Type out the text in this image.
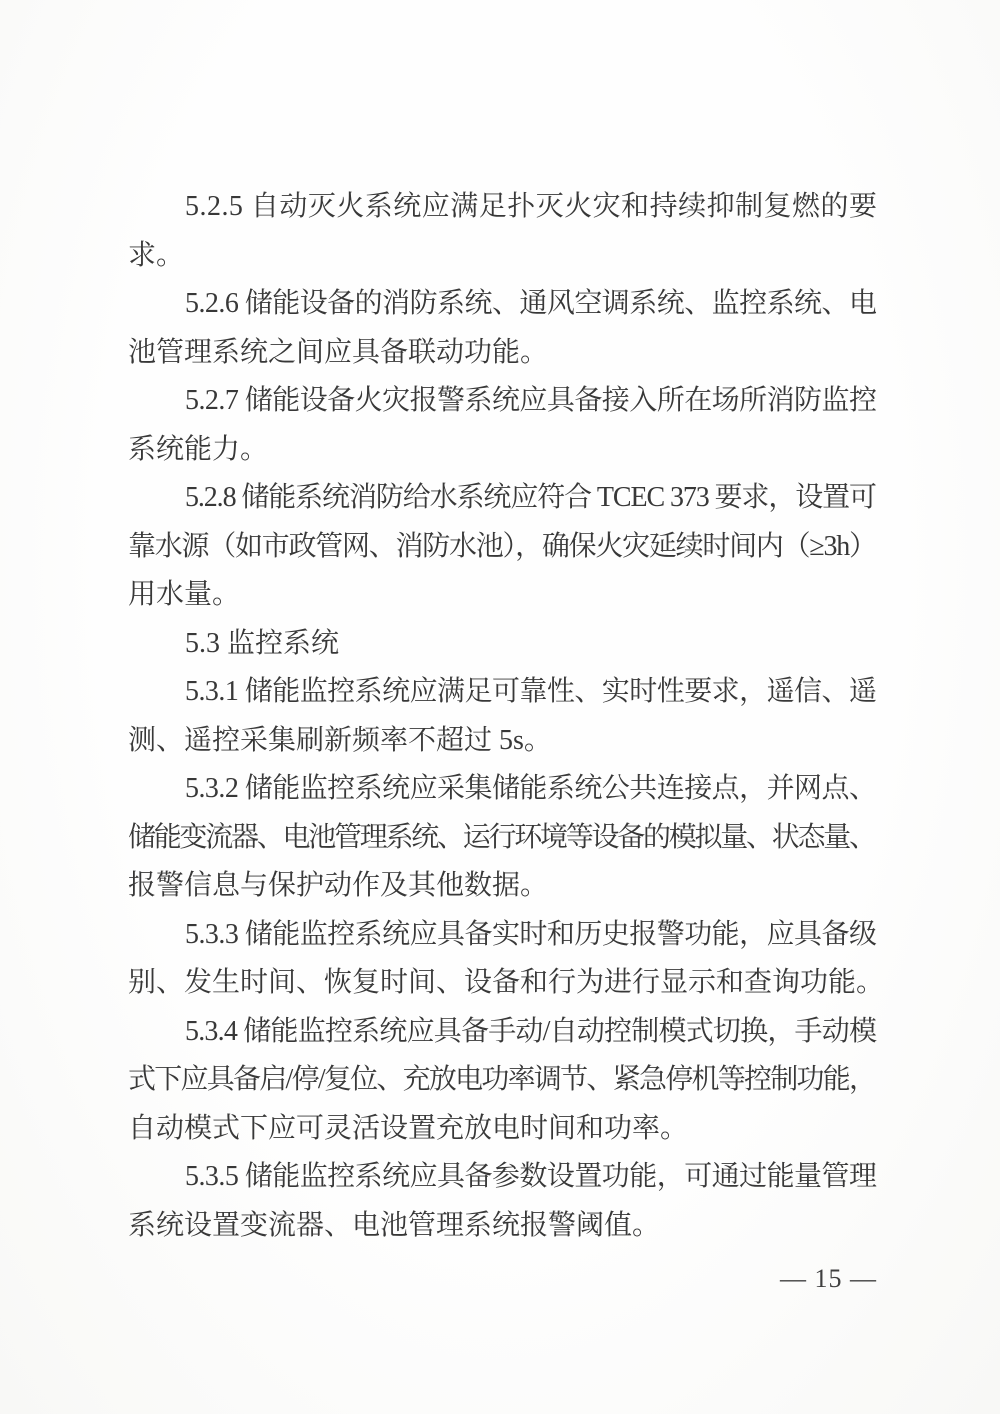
5.2.5 自动灭火系统应满足扑灭火灾和持续抑制复燃的要
求。
5.2.6 储能设备的消防系统、通风空调系统、监控系统、电
池管理系统之间应具备联动功能。
5.2.7 储能设备火灾报警系统应具备接入所在场所消防监控
系统能力。
5.2.8 储能系统消防给水系统应符合 TCEC 373 要求，设置可
靠水源（如市政管网、消防水池），确保火灾延续时间内（≥3h）
用水量。
5.3 监控系统
5.3.1 储能监控系统应满足可靠性、实时性要求，遥信、遥
测、遥控采集刷新频率不超过 5s。
5.3.2 储能监控系统应采集储能系统公共连接点，并网点、
储能变流器、电池管理系统、运行环境等设备的模拟量、状态量、
报警信息与保护动作及其他数据。
5.3.3 储能监控系统应具备实时和历史报警功能，应具备级
别、发生时间、恢复时间、设备和行为进行显示和查询功能。
5.3.4 储能监控系统应具备手动/自动控制模式切换，手动模
式下应具备启/停/复位、充放电功率调节、紧急停机等控制功能，
自动模式下应可灵活设置充放电时间和功率。
5.3.5 储能监控系统应具备参数设置功能，可通过能量管理
系统设置变流器、电池管理系统报警阈值。
— 15 —
